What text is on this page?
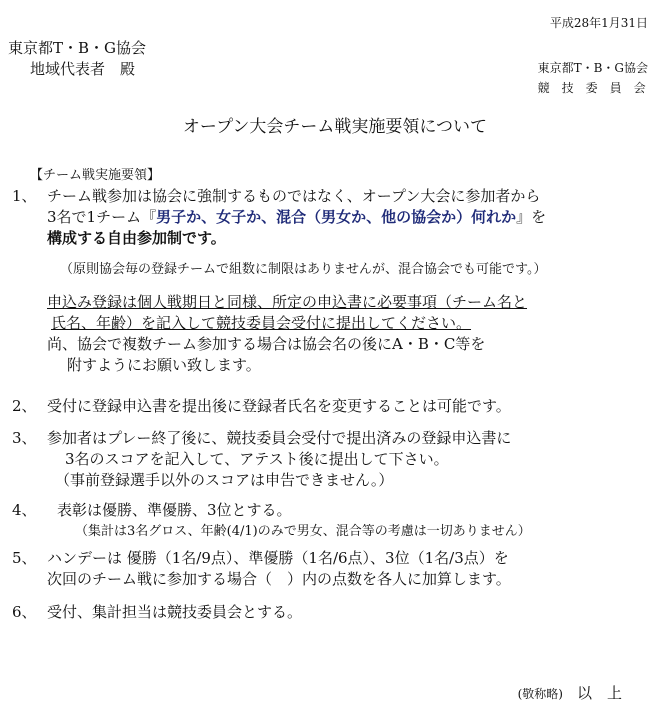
平成28年1月31日
東京都T・B・G協会
地域代表者　殿	東京都T・B・G協会
競　技　委　員　会
オープン大会チーム戦実施要領について
【チーム戦実施要領】
1、 チーム戦参加は協会に強制するものではなく、オープン大会に参加者から
3名で1チーム『男子か、女子か、混合（男女か、他の協会か）何れか』を
構成する自由参加制です。
（原則協会毎の登録チームで組数に制限はありませんが、混合協会でも可能です。）
申込み登録は個人戦期日と同様、所定の申込書に必要事項（チーム名と
氏名、年齢）を記入して競技委員会受付に提出してください。
尚、協会で複数チーム参加する場合は協会名の後にA・B・C等を
附すようにお願い致します。
2、 受付に登録申込書を提出後に登録者氏名を変更することは可能です。
3、 参加者はプレー終了後に、競技委員会受付で提出済みの登録申込書に
3名のスコアを記入して、アテスト後に提出して下さい。
（事前登録選手以外のスコアは申告できません。）
4、 表彰は優勝、準優勝、3位とする。
（集計は3名グロス、年齢(4/1)のみで男女、混合等の考慮は一切ありません）
5、 ハンデーは 優勝（1名/9点）、準優勝（1名/6点）、3位（1名/3点）を
次回のチーム戦に参加する場合（　）内の点数を各人に加算します。
6、 受付、集計担当は競技委員会とする。
(敬称略) 以　上
